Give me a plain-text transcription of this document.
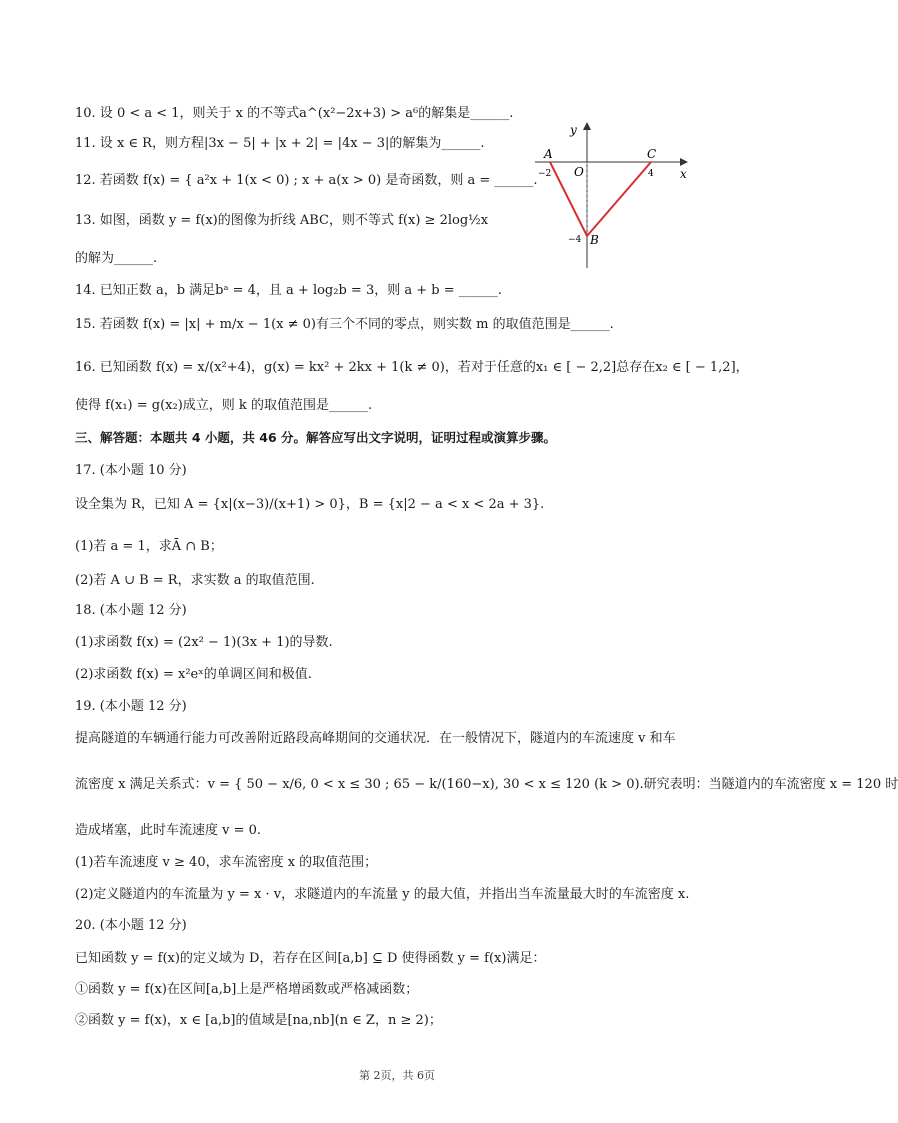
10. 设 0 < a < 1，则关于 x 的不等式a^(x²−2x+3) > a⁶的解集是______.
11. 设 x ∈ R，则方程|3x − 5| + |x + 2| = |4x − 3|的解集为______.
12. 若函数 f(x) = { a²x + 1(x < 0) ; x + a(x > 0) 是奇函数，则 a = ______.
13. 如图，函数 y = f(x)的图像为折线 ABC，则不等式 f(x) ≥ 2log½x
的解为______.
14. 已知正数 a，b 满足bᵃ = 4，且 a + log₂b = 3，则 a + b = ______.
15. 若函数 f(x) = |x| + m/x − 1(x ≠ 0)有三个不同的零点，则实数 m 的取值范围是______.
16. 已知函数 f(x) = x/(x²+4)，g(x) = kx² + 2kx + 1(k ≠ 0)，若对于任意的x₁ ∈ [ − 2,2]总存在x₂ ∈ [ − 1,2]，
使得 f(x₁) = g(x₂)成立，则 k 的取值范围是______.
三、解答题：本题共 4 小题，共 46 分。解答应写出文字说明，证明过程或演算步骤。
17. (本小题 10 分)
设全集为 R，已知 A = {x|(x−3)/(x+1) > 0}，B = {x|2 − a < x < 2a + 3}.
(1)若 a = 1，求Ā ∩ B；
(2)若 A ∪ B = R，求实数 a 的取值范围.
18. (本小题 12 分)
(1)求函数 f(x) = (2x² − 1)(3x + 1)的导数.
(2)求函数 f(x) = x²eˣ的单调区间和极值.
19. (本小题 12 分)
提高隧道的车辆通行能力可改善附近路段高峰期间的交通状况．在一般情况下，隧道内的车流速度 v 和车
流密度 x 满足关系式：v = { 50 − x/6, 0 < x ≤ 30 ; 65 − k/(160−x), 30 < x ≤ 120 (k > 0).研究表明：当隧道内的车流密度 x = 120 时
造成堵塞，此时车流速度 v = 0.
(1)若车流速度 v ≥ 40，求车流密度 x 的取值范围；
(2)定义隧道内的车流量为 y = x · v，求隧道内的车流量 y 的最大值，并指出当车流量最大时的车流密度 x.
20. (本小题 12 分)
已知函数 y = f(x)的定义域为 D，若存在区间[a,b] ⊆ D 使得函数 y = f(x)满足：
①函数 y = f(x)在区间[a,b]上是严格增函数或严格减函数；
②函数 y = f(x)，x ∈ [a,b]的值域是[na,nb](n ∈ Z，n ≥ 2)；
y
x
A
O
C
B
−2	4
−4
第 2页，共 6页
